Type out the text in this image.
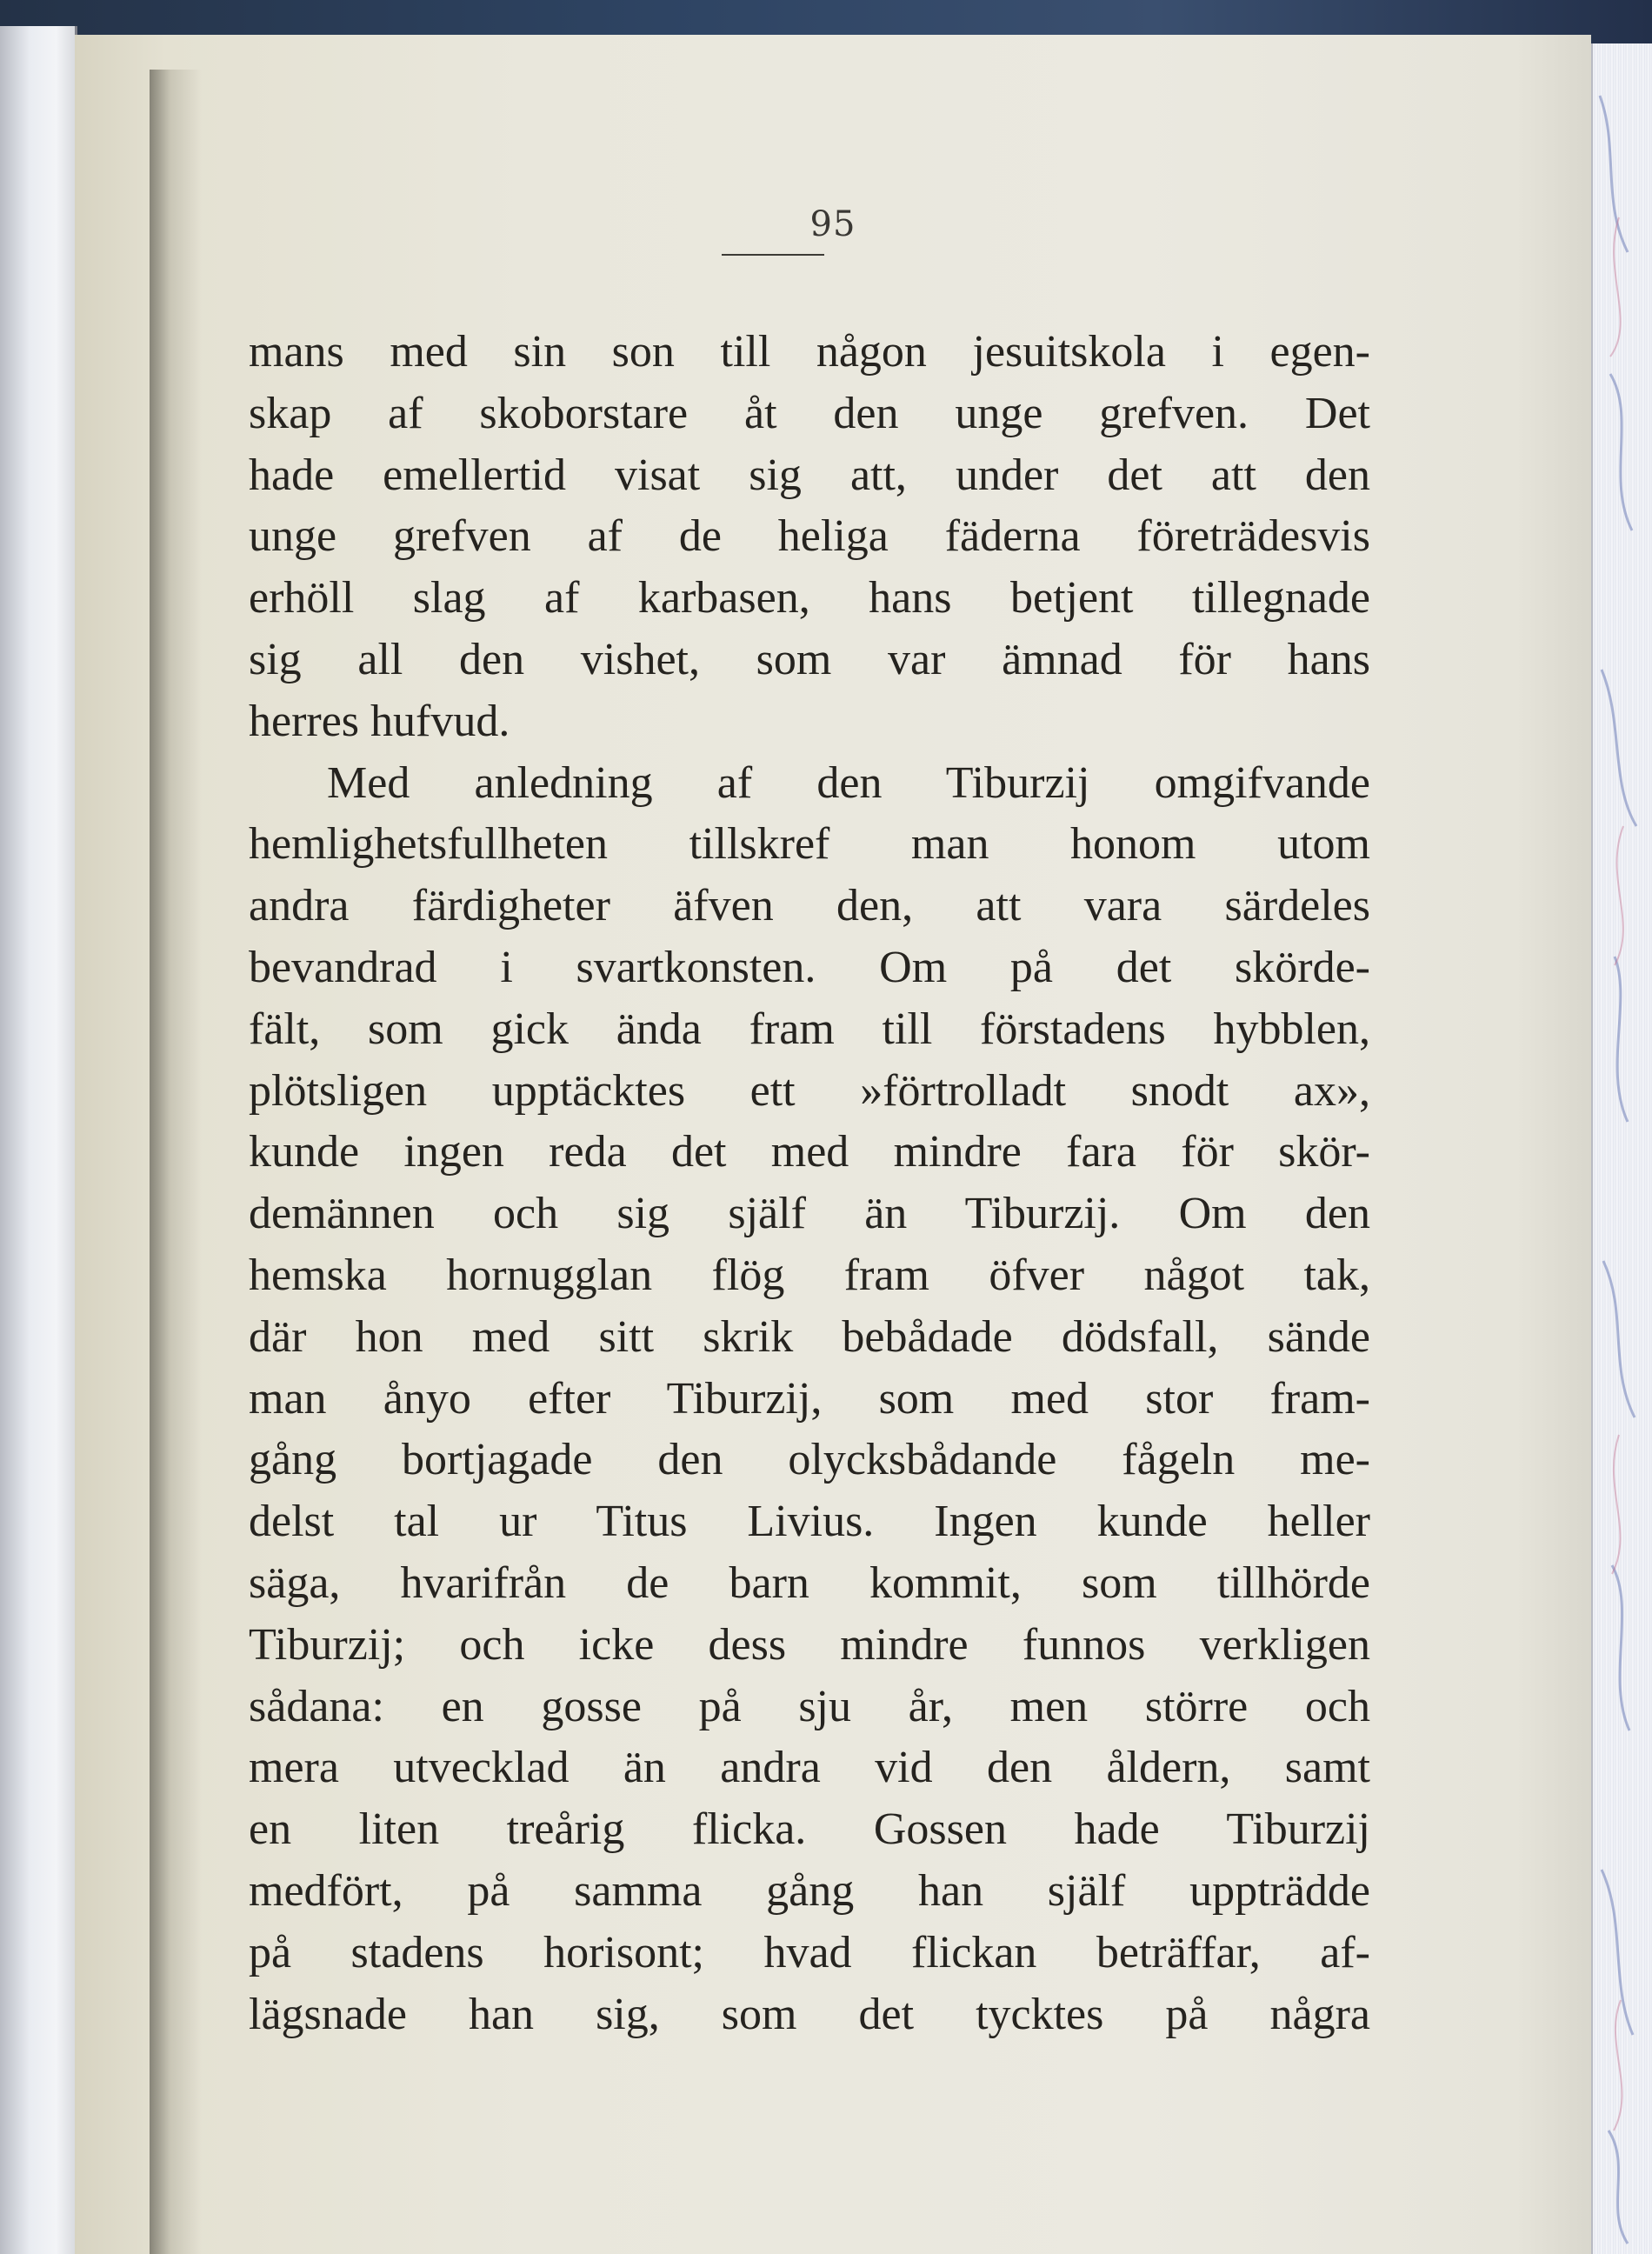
95
mans med sin son till någon jesuitskola i egen-
skap af skoborstare åt den unge grefven. Det
hade emellertid visat sig att, under det att den
unge grefven af de heliga fäderna företrädesvis
erhöll slag af karbasen, hans betjent tillegnade
sig all den vishet, som var ämnad för hans
herres hufvud.
Med anledning af den Tiburzij omgifvande
hemlighetsfullheten tillskref man honom utom
andra färdigheter äfven den, att vara särdeles
bevandrad i svartkonsten. Om på det skörde-
fält, som gick ända fram till förstadens hybblen,
plötsligen upptäcktes ett »förtrolladt snodt ax»,
kunde ingen reda det med mindre fara för skör-
demännen och sig själf än Tiburzij. Om den
hemska hornugglan flög fram öfver något tak,
där hon med sitt skrik bebådade dödsfall, sände
man ånyo efter Tiburzij, som med stor fram-
gång bortjagade den olycksbådande fågeln me-
delst tal ur Titus Livius. Ingen kunde heller
säga, hvarifrån de barn kommit, som tillhörde
Tiburzij; och icke dess mindre funnos verkligen
sådana: en gosse på sju år, men större och
mera utvecklad än andra vid den åldern, samt
en liten treårig flicka. Gossen hade Tiburzij
medfört, på samma gång han själf uppträdde
på stadens horisont; hvad flickan beträffar, af-
lägsnade han sig, som det tycktes på några
